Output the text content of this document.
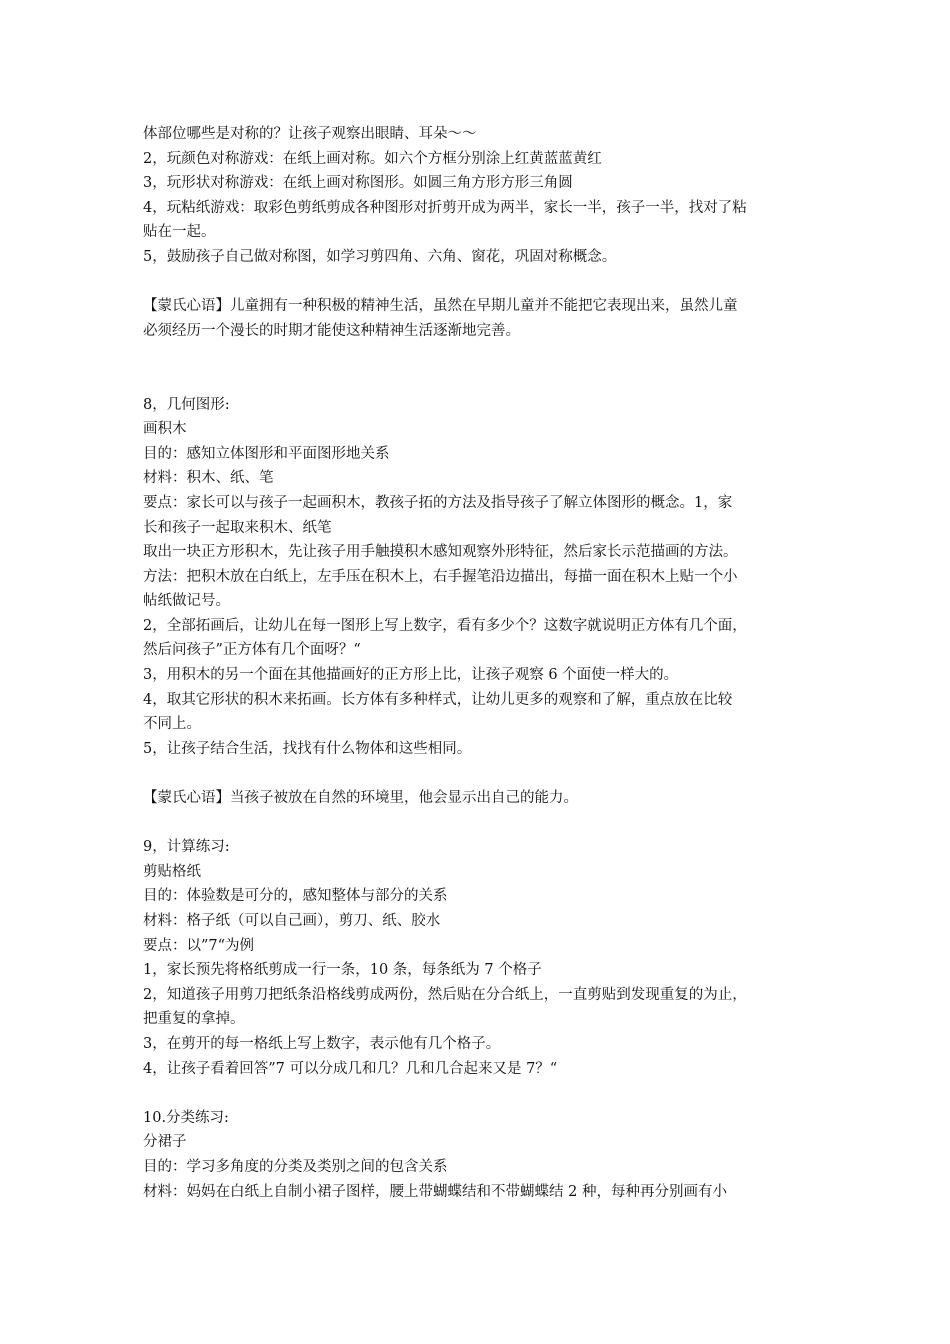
体部位哪些是对称的？让孩子观察出眼睛、耳朵～～
2，玩颜色对称游戏：在纸上画对称。如六个方框分别涂上红黄蓝蓝黄红
3，玩形状对称游戏：在纸上画对称图形。如圆三角方形方形三角圆
4，玩粘纸游戏：取彩色剪纸剪成各种图形对折剪开成为两半，家长一半，孩子一半，找对了粘
贴在一起。
5，鼓励孩子自己做对称图，如学习剪四角、六角、窗花，巩固对称概念。
【蒙氏心语】儿童拥有一种积极的精神生活，虽然在早期儿童并不能把它表现出来，虽然儿童
必须经历一个漫长的时期才能使这种精神生活逐渐地完善。
8，几何图形:
画积木
目的：感知立体图形和平面图形地关系
材料：积木、纸、笔
要点：家长可以与孩子一起画积木，教孩子拓的方法及指导孩子了解立体图形的概念。1，家
长和孩子一起取来积木、纸笔
取出一块正方形积木，先让孩子用手触摸积木感知观察外形特征，然后家长示范描画的方法。
方法：把积木放在白纸上，左手压在积木上，右手握笔沿边描出，每描一面在积木上贴一个小
帖纸做记号。
2，全部拓画后，让幼儿在每一图形上写上数字，看有多少个？这数字就说明正方体有几个面，
然后问孩子”正方体有几个面呀？“
3，用积木的另一个面在其他描画好的正方形上比，让孩子观察 6 个面使一样大的。
4，取其它形状的积木来拓画。长方体有多种样式，让幼儿更多的观察和了解，重点放在比较
不同上。
5，让孩子结合生活，找找有什么物体和这些相同。
【蒙氏心语】当孩子被放在自然的环境里，他会显示出自己的能力。
9，计算练习:
剪贴格纸
目的：体验数是可分的，感知整体与部分的关系
材料：格子纸（可以自己画），剪刀、纸、胶水
要点：以”7“为例
1，家长预先将格纸剪成一行一条，10 条，每条纸为 7 个格子
2，知道孩子用剪刀把纸条沿格线剪成两份，然后贴在分合纸上，一直剪贴到发现重复的为止，
把重复的拿掉。
3，在剪开的每一格纸上写上数字，表示他有几个格子。
4，让孩子看着回答”7 可以分成几和几？几和几合起来又是 7？“
10.分类练习:
分裙子
目的：学习多角度的分类及类别之间的包含关系
材料：妈妈在白纸上自制小裙子图样，腰上带蝴蝶结和不带蝴蝶结 2 种，每种再分别画有小
